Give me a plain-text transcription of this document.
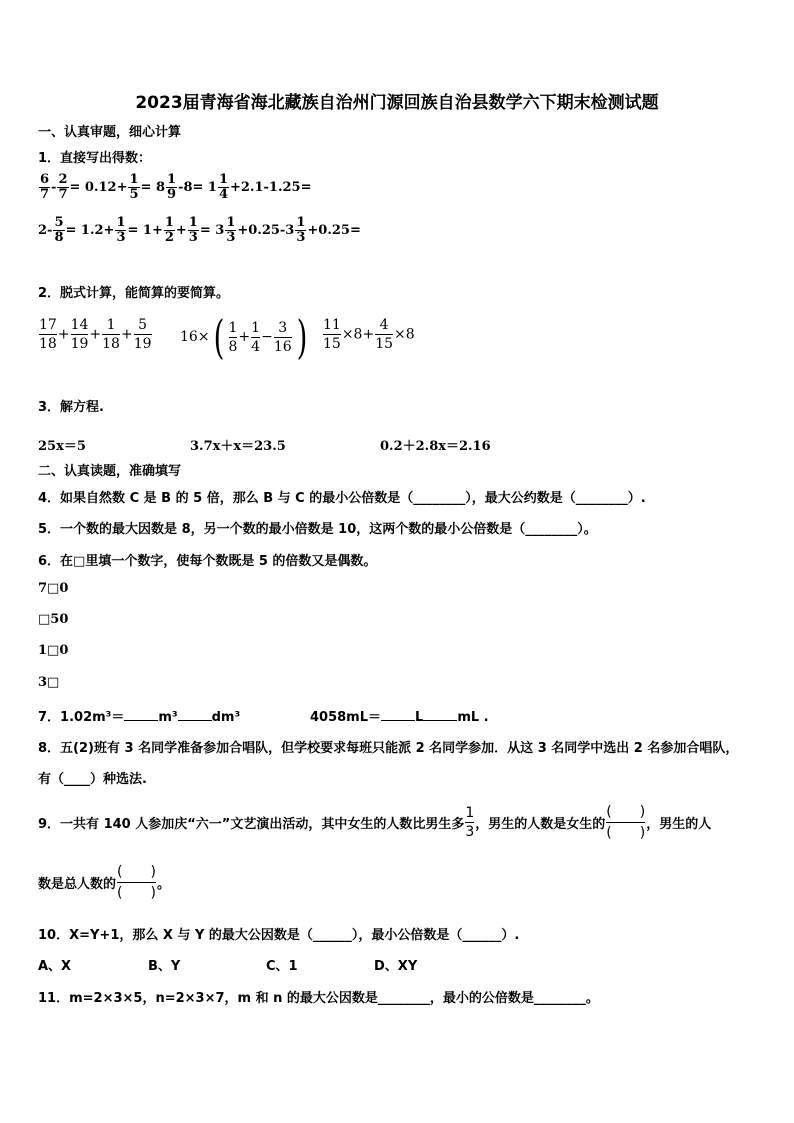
2023届青海省海北藏族自治州门源回族自治县数学六下期末检测试题
一、认真审题，细心计算
1．直接写出得数：
$\frac{6}{7} - \frac{2}{7} = 0.12+ \frac{1}{5} = 8 \frac{1}{9} -8= 1 \frac{1}{4} +2.1-1.25=$
$2- \frac{5}{8} = 1.2+ \frac{1}{3} = 1+ \frac{1}{2} + \frac{1}{3} = 3 \frac{1}{3} +0.25-3 \frac{1}{3} +0.25=$
2．脱式计算，能简算的要简算。
$\frac{17}{18} + \frac{14}{19} + \frac{1}{18} + \frac{5}{19} 16\times( \frac{1}{8} + \frac{1}{4} - \frac{3}{16}$ ) $\frac{11}{15} \times 8+ \frac{4}{15} \times 8$
3．解方程.
25x＝5	3.7x＋x＝23.5	0.2＋2.8x＝2.16
二、认真读题，准确填写
4．如果自然数 C 是 B 的 5 倍，那么 B 与 C 的最小公倍数是（________），最大公约数是（________）.
5．一个数的最大因数是 8，另一个数的最小倍数是 10，这两个数的最小公倍数是（________）。
6．在□里填一个数字，使每个数既是 5 的倍数又是偶数。
7□0
□50
1□0
3□
7．1.02m³＝	m³	dm³	4058mL＝	L	mL .
8．五(2)班有 3 名同学准备参加合唱队，但学校要求每班只能派 2 名同学参加．从这 3 名同学中选出 2 名参加合唱队，
有（____）种选法.
9．一共有 140 人参加庆“六一”文艺演出活动，其中女生的人数比男生多 $\frac{1}{3}$ ，男生的人数是女生的
(　　)
(　　)
，男生的人
数是总人数的
(　　)
(　　)
。
10．X=Y+1，那么 X 与 Y 的最大公因数是（______），最小公倍数是（______）.
A、X	B、Y	C、1	D、XY
11．m=2×3×5，n=2×3×7，m 和 n 的最大公因数是________，最小的公倍数是________。
